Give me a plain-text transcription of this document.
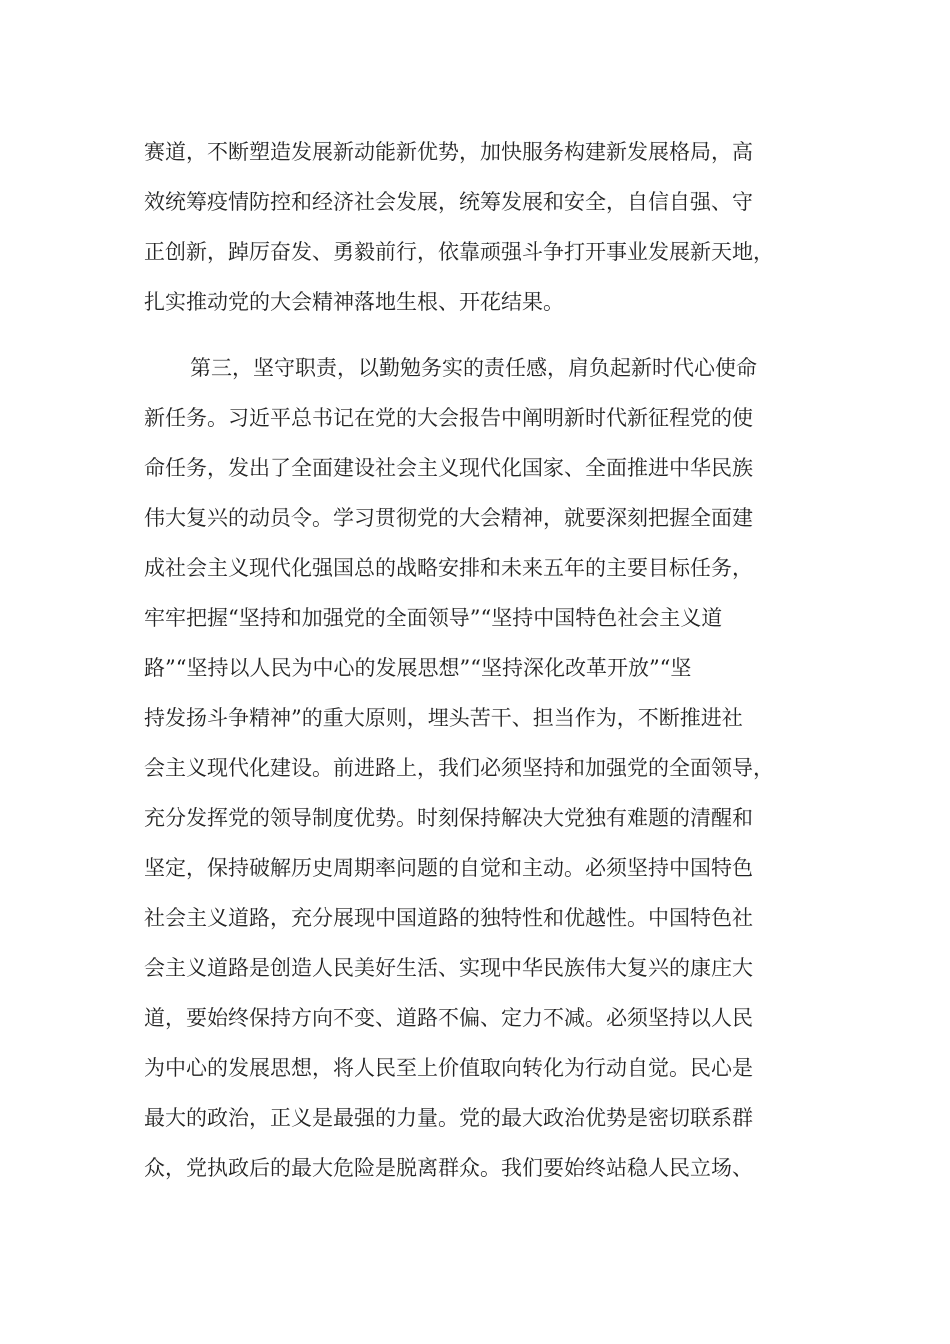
赛道，不断塑造发展新动能新优势，加快服务构建新发展格局，高
效统筹疫情防控和经济社会发展，统筹发展和安全，自信自强、守
正创新，踔厉奋发、勇毅前行，依靠顽强斗争打开事业发展新天地，
扎实推动党的大会精神落地生根、开花结果。
第三，坚守职责，以勤勉务实的责任感，肩负起新时代心使命
新任务。习近平总书记在党的大会报告中阐明新时代新征程党的使
命任务，发出了全面建设社会主义现代化国家、全面推进中华民族
伟大复兴的动员令。学习贯彻党的大会精神，就要深刻把握全面建
成社会主义现代化强国总的战略安排和未来五年的主要目标任务，
牢牢把握“坚持和加强党的全面领导”“坚持中国特色社会主义道
路”“坚持以人民为中心的发展思想”“坚持深化改革开放”“坚
持发扬斗争精神”的重大原则，埋头苦干、担当作为，不断推进社
会主义现代化建设。前进路上，我们必须坚持和加强党的全面领导，
充分发挥党的领导制度优势。时刻保持解决大党独有难题的清醒和
坚定，保持破解历史周期率问题的自觉和主动。必须坚持中国特色
社会主义道路，充分展现中国道路的独特性和优越性。中国特色社
会主义道路是创造人民美好生活、实现中华民族伟大复兴的康庄大
道，要始终保持方向不变、道路不偏、定力不减。必须坚持以人民
为中心的发展思想，将人民至上价值取向转化为行动自觉。民心是
最大的政治，正义是最强的力量。党的最大政治优势是密切联系群
众，党执政后的最大危险是脱离群众。我们要始终站稳人民立场、
